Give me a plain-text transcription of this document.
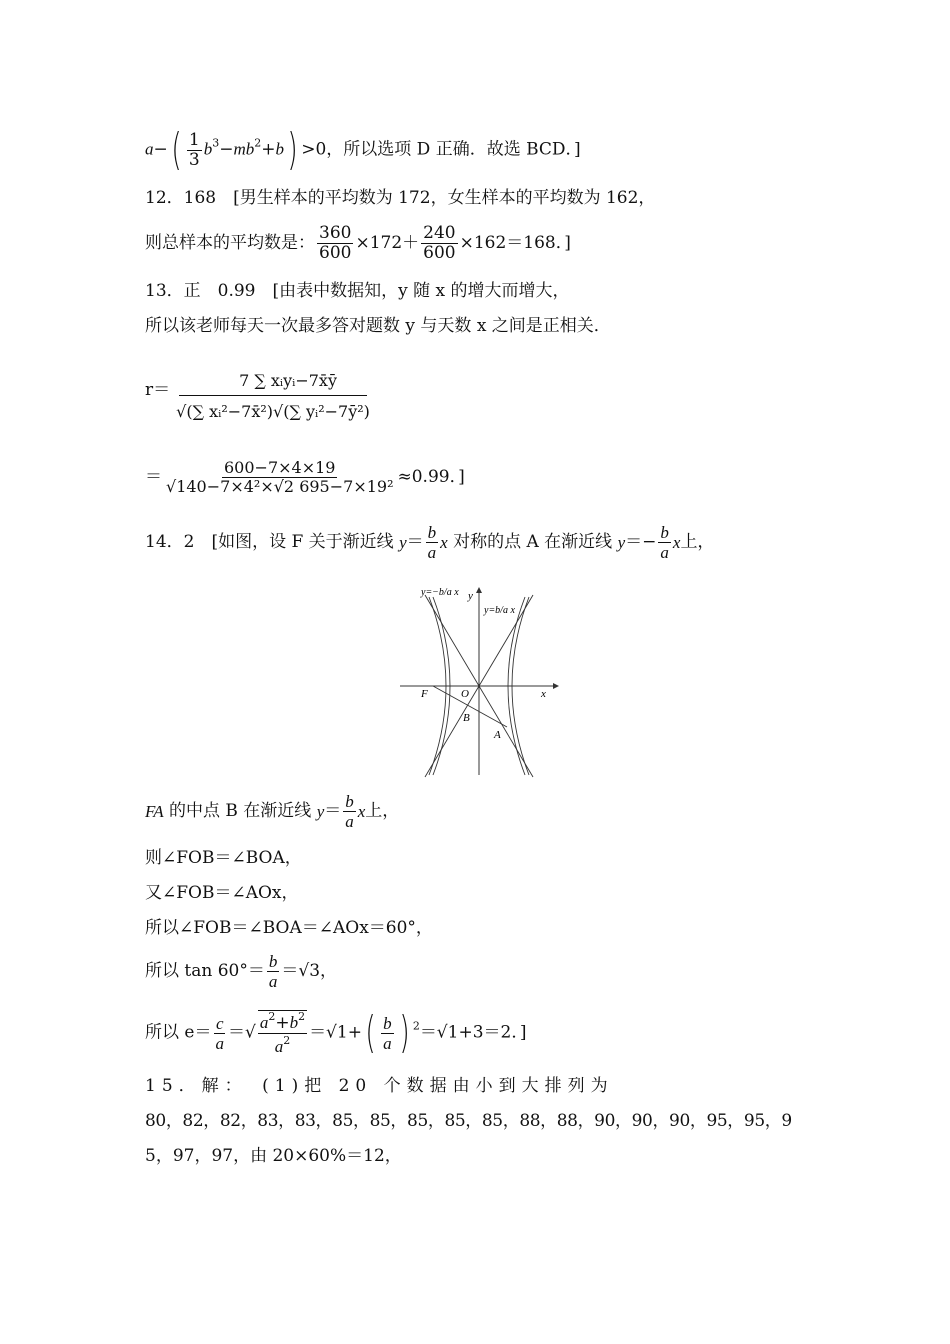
$a-( \frac{1}{3} b^3-mb^2+b) >0$，所以选项 D 正确．故选 BCD．]
12．168　[男生样本的平均数为 172，女生样本的平均数为 162，
则总样本的平均数是： $\frac{360}{600} \times 172+ \frac{240}{600} \times 162=168$．]
13．正　0.99　[由表中数据知，y 随 x 的增大而增大，
所以该老师每天一次最多答对题数 y 与天数 x 之间是正相关．
$r= \frac{\text{7 ∑ xᵢyᵢ−7x̄ȳ}}{\text{√(∑ xᵢ²−7x̄²)√(∑ yᵢ²−7ȳ²)}}$
＝ $\frac{600-7\times 4\times 19}{\text{√140−7×4²×√2 695−7×19²}} \approx 0.99$．]
14．2　[如图，设 F 关于渐近线 $y= \frac{b}{a}$ x 对称的点 A 在渐近线 $y=- \frac{b}{a}$ x上，
y=−b/a x
y=b/a x
y
x
F	O
B
A
FA 的中点 B 在渐近线 $y= \frac{b}{a}$ x上，
则∠FOB＝∠BOA，
又∠FOB＝∠AOx，
所以∠FOB＝∠BOA＝∠AOx＝60°，
所以 $\tan 60^\circ= \frac{b}{a} =√3$，
所以 $e= \frac{c}{a}$ ＝√ $\frac{a^2+b^2}{a^2} =√1+( \frac{b}{a}$ ) $^2$＝√1+3＝2．]
15．解：　(1)把 20 个数据由小到大排列为
80，82，82，83，83，85，85，85，85，85，88，88，90，90，90，95，95，9
5，97，97，由 20×60%＝12，
